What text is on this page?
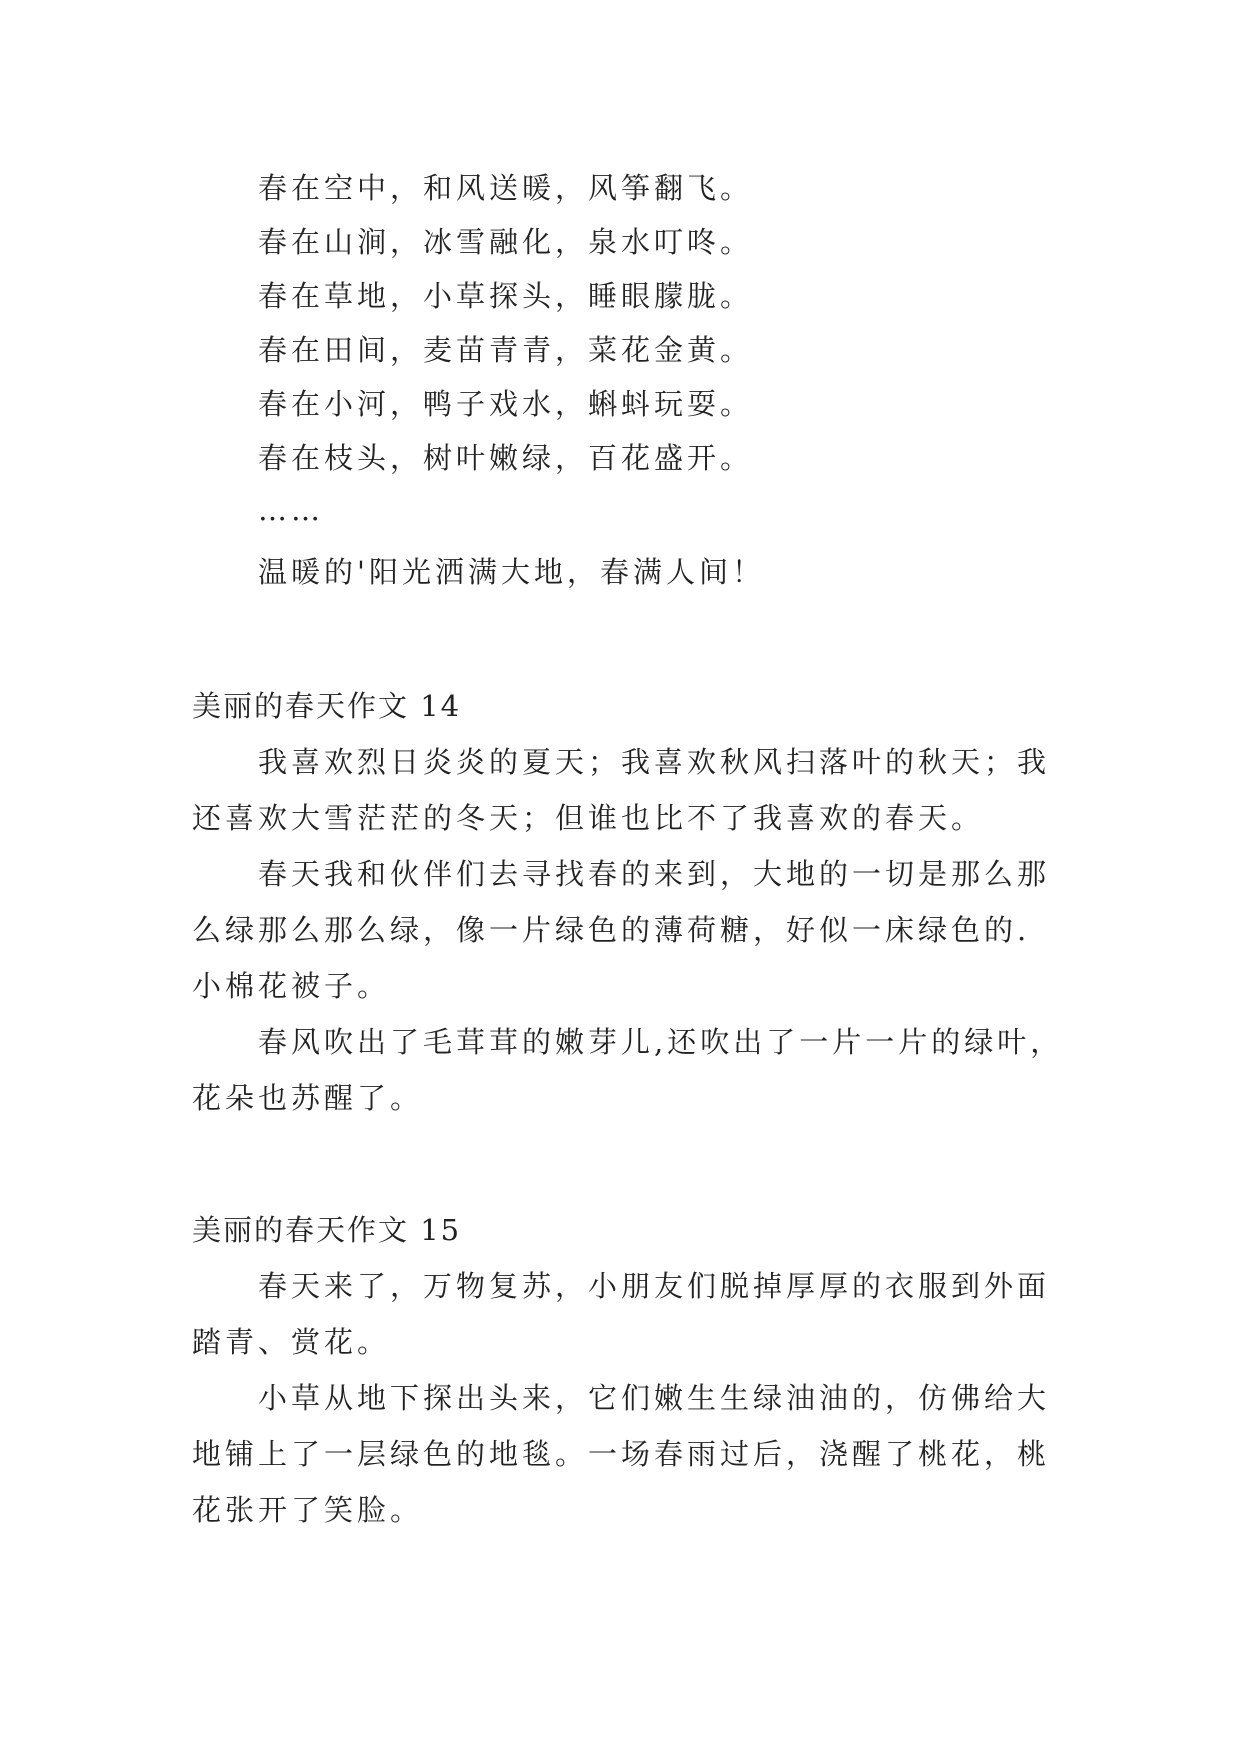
春在空中，和风送暖，风筝翻飞。
春在山涧，冰雪融化，泉水叮咚。
春在草地，小草探头，睡眼朦胧。
春在田间，麦苗青青，菜花金黄。
春在小河，鸭子戏水，蝌蚪玩耍。
春在枝头，树叶嫩绿，百花盛开。
……
温暖的'阳光洒满大地，春满人间！
美丽的春天作文 14
我喜欢烈日炎炎的夏天；我喜欢秋风扫落叶的秋天；我
还喜欢大雪茫茫的冬天；但谁也比不了我喜欢的春天。
春天我和伙伴们去寻找春的来到，大地的一切是那么那
么绿那么那么绿，像一片绿色的薄荷糖，好似一床绿色的.
小棉花被子。
春风吹出了毛茸茸的嫩芽儿,还吹出了一片一片的绿叶，
花朵也苏醒了。
美丽的春天作文 15
春天来了，万物复苏，小朋友们脱掉厚厚的衣服到外面
踏青、赏花。
小草从地下探出头来，它们嫩生生绿油油的，仿佛给大
地铺上了一层绿色的地毯。一场春雨过后，浇醒了桃花，桃
花张开了笑脸。
